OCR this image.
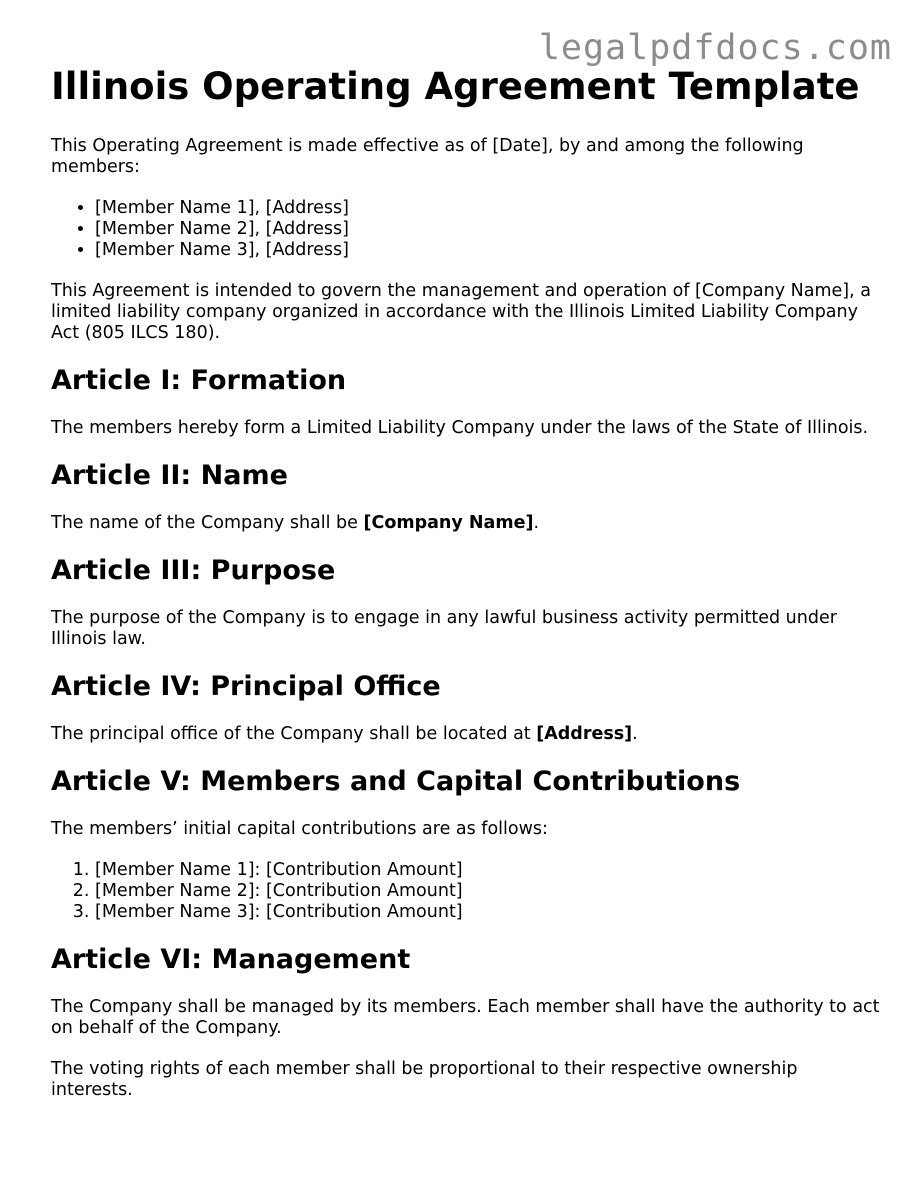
legalpdfdocs.com
Illinois Operating Agreement Template

This Operating Agreement is made effective as of [Date], by and among the following members:

• [Member Name 1], [Address]
• [Member Name 2], [Address]
• [Member Name 3], [Address]

This Agreement is intended to govern the management and operation of [Company Name], a limited liability company organized in accordance with the Illinois Limited Liability Company Act (805 ILCS 180).

Article I: Formation

The members hereby form a Limited Liability Company under the laws of the State of Illinois.

Article II: Name

The name of the Company shall be [Company Name].

Article III: Purpose

The purpose of the Company is to engage in any lawful business activity permitted under Illinois law.

Article IV: Principal Office

The principal office of the Company shall be located at [Address].

Article V: Members and Capital Contributions

The members’ initial capital contributions are as follows:

1. [Member Name 1]: [Contribution Amount]
2. [Member Name 2]: [Contribution Amount]
3. [Member Name 3]: [Contribution Amount]
Article VI: Management

The Company shall be managed by its members. Each member shall have the authority to act on behalf of the Company.

The voting rights of each member shall be proportional to their respective ownership interests.
